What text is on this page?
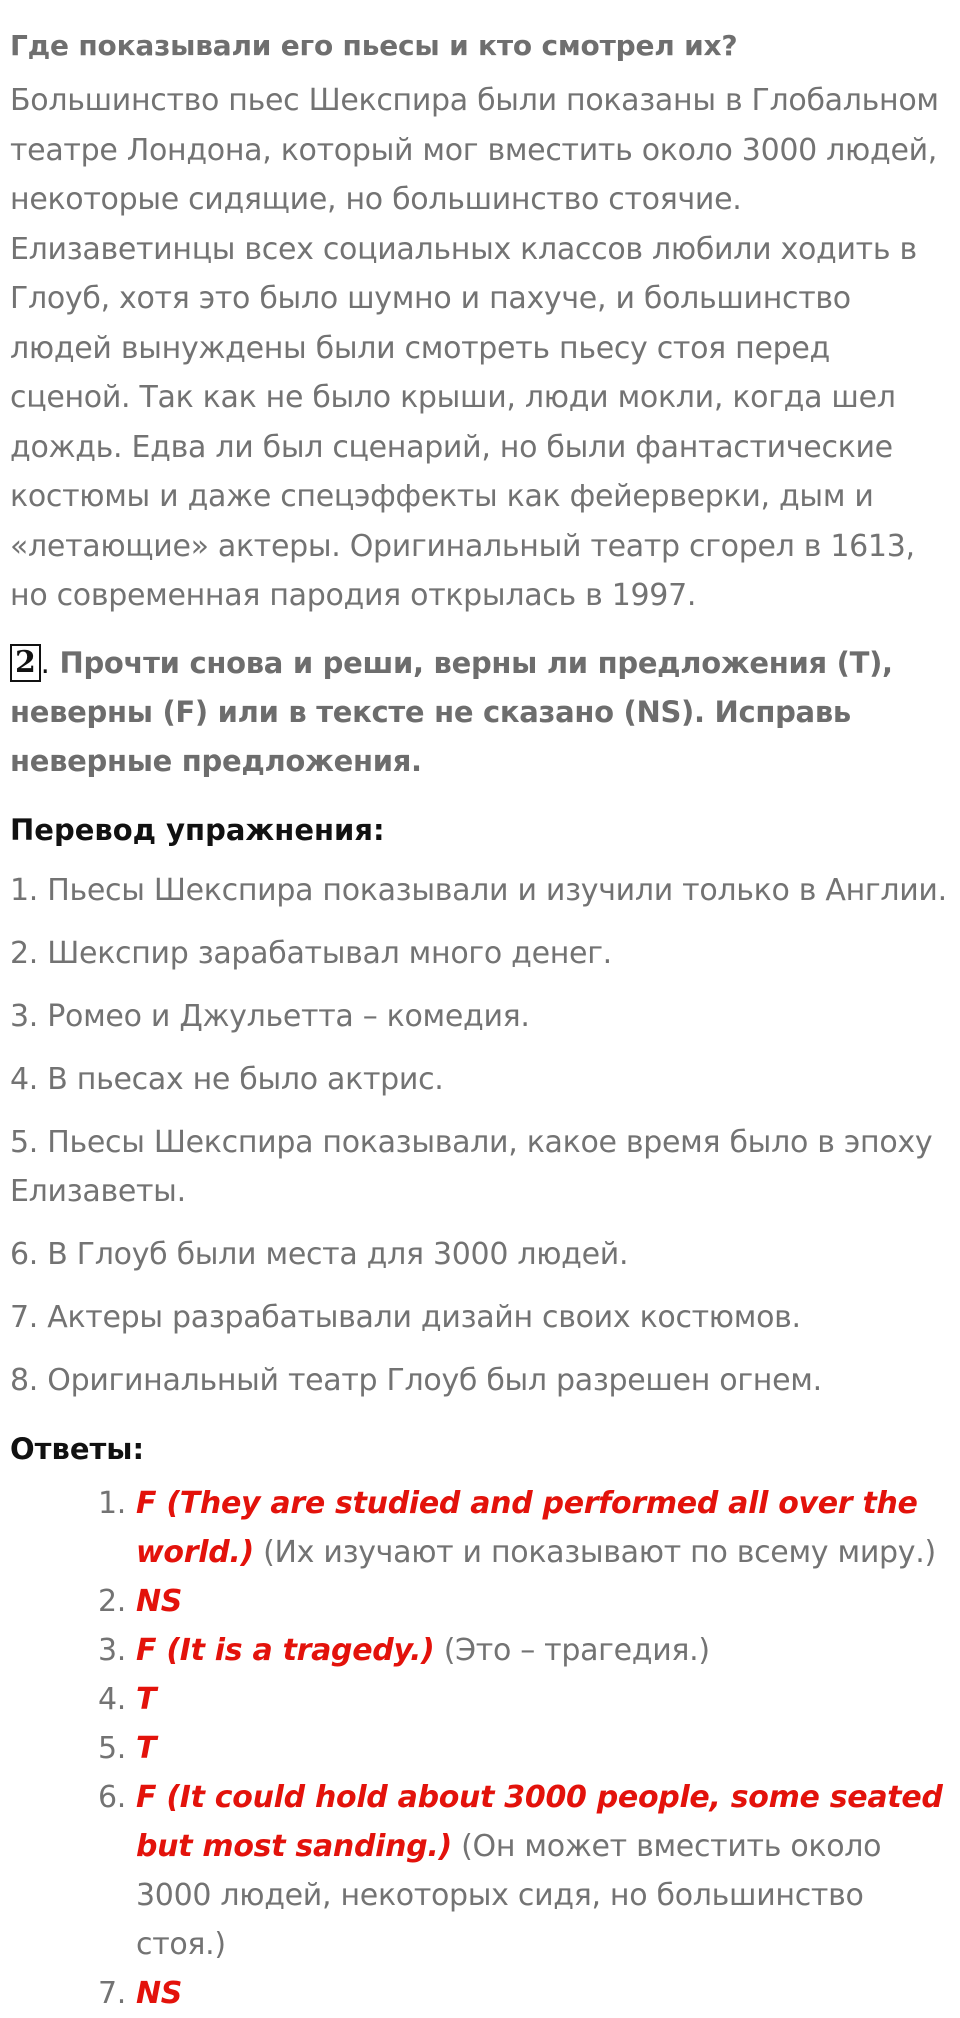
Где показывали его пьесы и кто смотрел их?

Большинство пьес Шекспира были показаны в Глобальном театре Лондона, который мог вместить около 3000 людей, некоторые сидящие, но большинство стоячие. Елизаветинцы всех социальных классов любили ходить в Глоуб, хотя это было шумно и пахуче, и большинство людей вынуждены были смотреть пьесу стоя перед сценой. Так как не было крыши, люди мокли, когда шел дождь. Едва ли был сценарий, но были фантастические костюмы и даже спецэффекты как фейерверки, дым и «летающие» актеры. Оригинальный театр сгорел в 1613, но современная пародия открылась в 1997.

2 . Прочти снова и реши, верны ли предложения (T), неверны (F) или в тексте не сказано (NS). Исправь неверные предложения.

Перевод упражнения:

1. Пьесы Шекспира показывали и изучили только в Англии.

2. Шекспир зарабатывал много денег.

3. Ромео и Джульетта – комедия.

4. В пьесах не было актрис.

5. Пьесы Шекспира показывали, какое время было в эпоху Елизаветы.

6. В Глоуб были места для 3000 людей.

7. Актеры разрабатывали дизайн своих костюмов.

8. Оригинальный театр Глоуб был разрешен огнем.

Ответы:
1. F (They are studied and performed all over the world.) (Их изучают и показывают по всему миру.)
2. NS
3. F (It is a tragedy.) (Это – трагедия.)
4. T
5. T
6. F (It could hold about 3000 people, some seated but most sanding.) (Он может вместить около 3000 людей, некоторых сидя, но большинство стоя.)
7. NS
